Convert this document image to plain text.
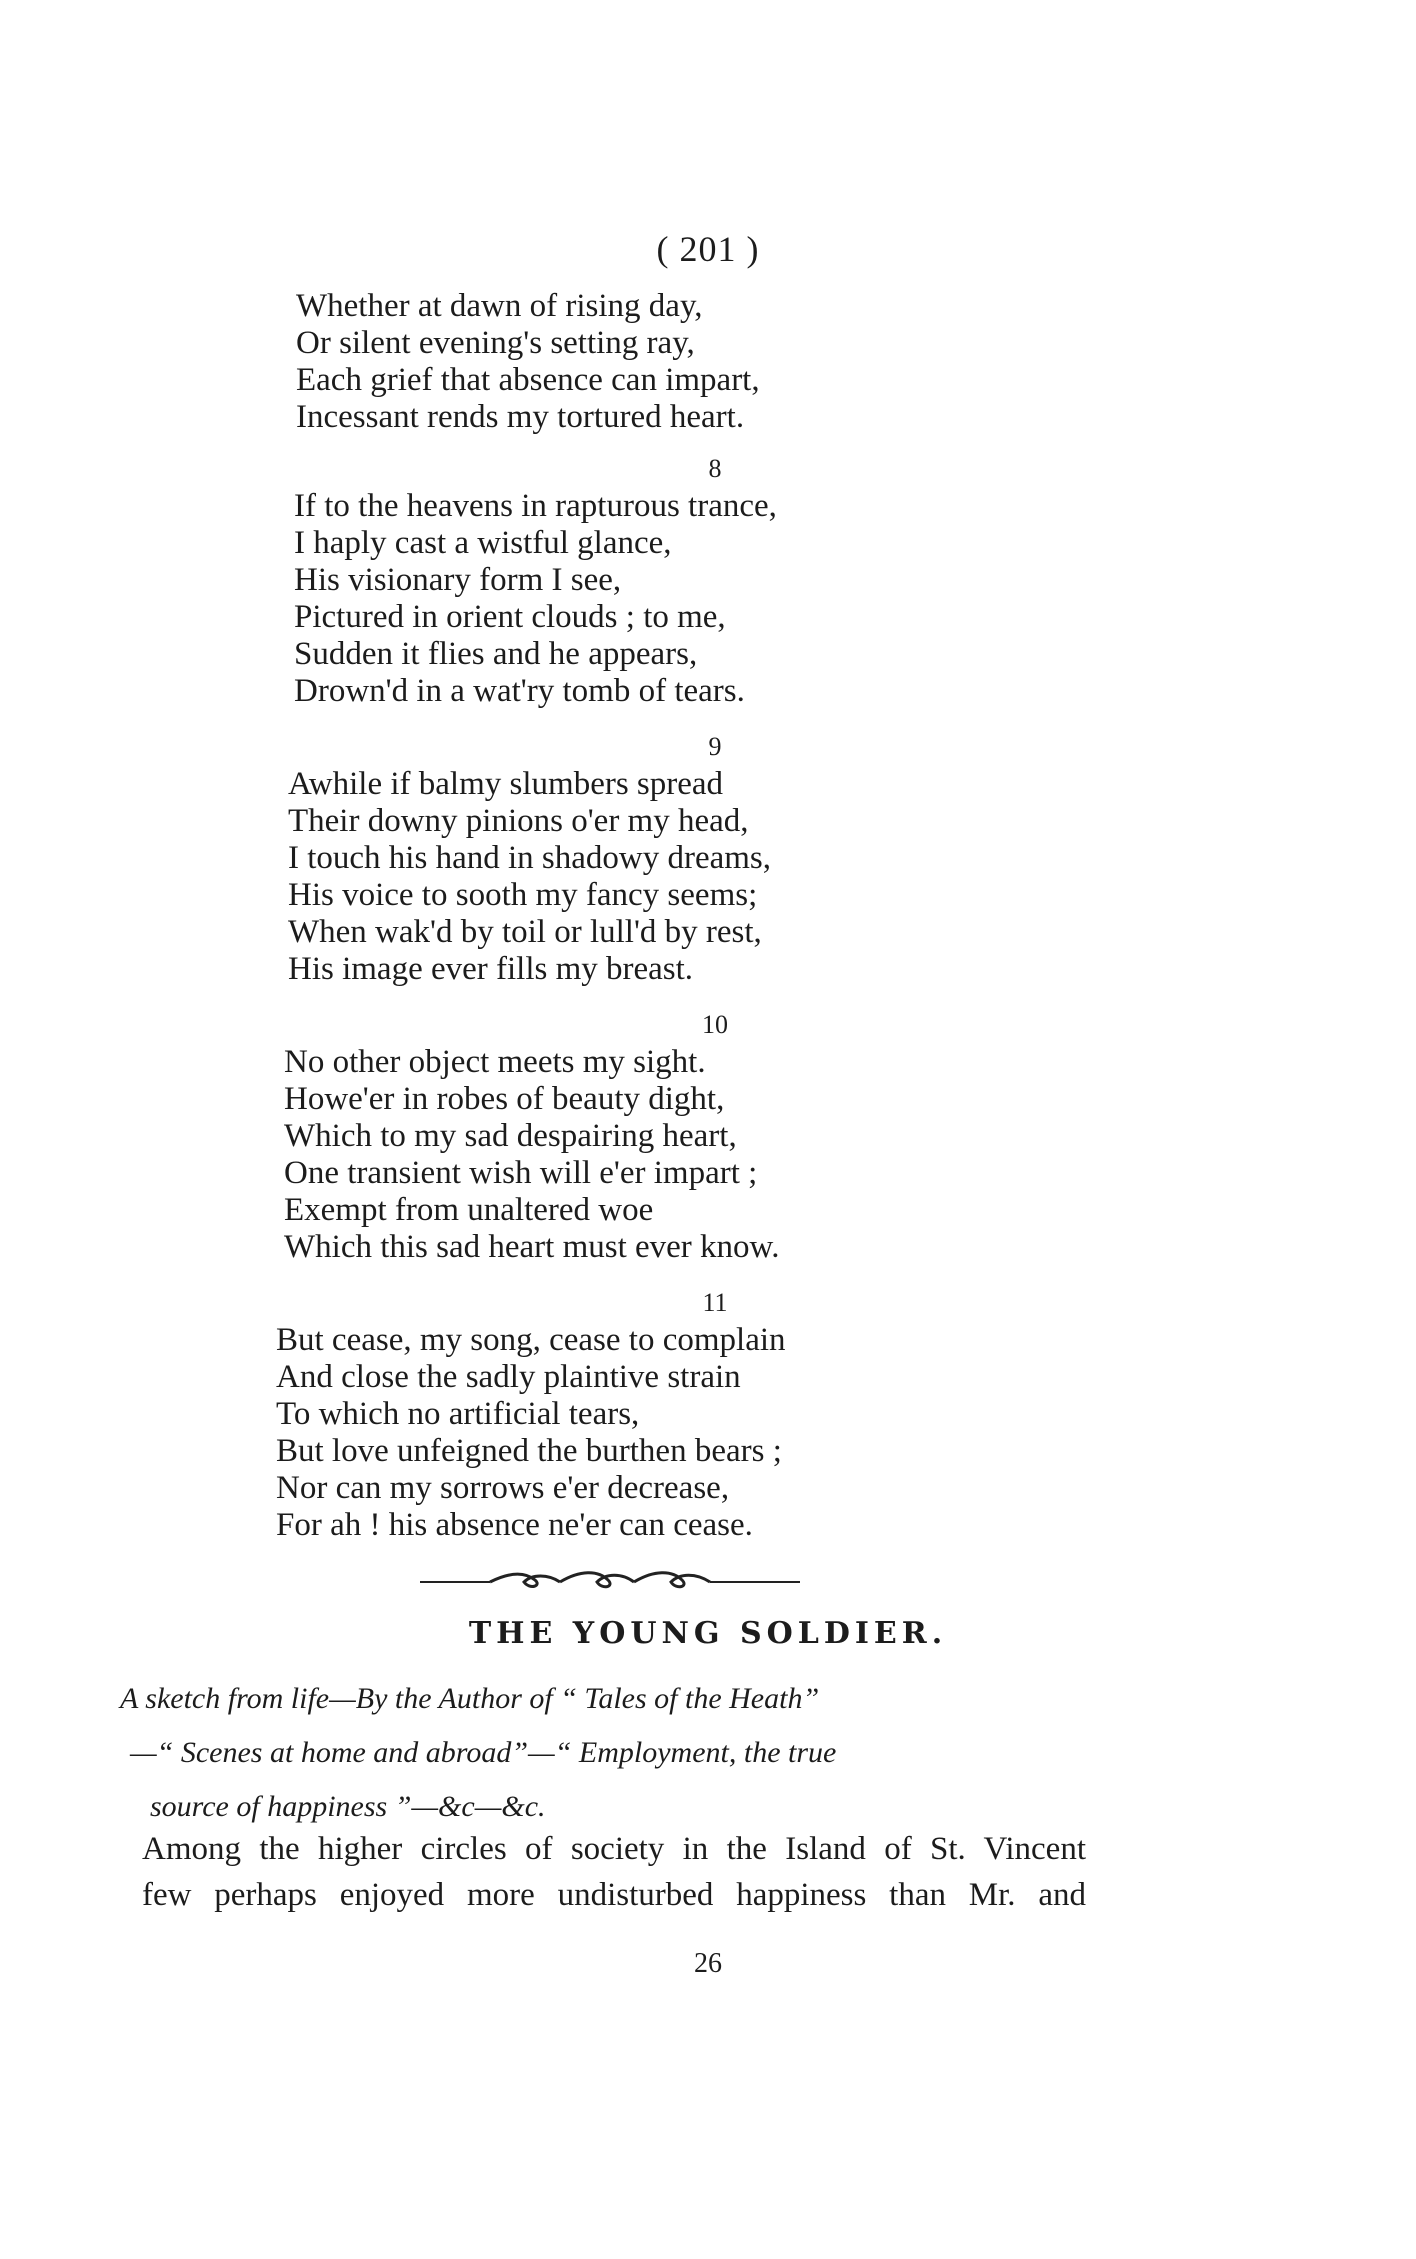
( 201 )
Whether at dawn of rising day,
Or silent evening's setting ray,
Each grief that absence can impart,
Incessant rends my tortured heart.
8
If to the heavens in rapturous trance,
I haply cast a wistful glance,
His visionary form I see,
Pictured in orient clouds ; to me,
Sudden it flies and he appears,
Drown'd in a wat'ry tomb of tears.
9
Awhile if balmy slumbers spread
Their downy pinions o'er my head,
I touch his hand in shadowy dreams,
His voice to sooth my fancy seems;
When wak'd by toil or lull'd by rest,
His image ever fills my breast.
10
No other object meets my sight.
Howe'er in robes of beauty dight,
Which to my sad despairing heart,
One transient wish will e'er impart ;
Exempt from unaltered woe
Which this sad heart must ever know.
11
But cease, my song, cease to complain
And close the sadly plaintive strain
To which no artificial tears,
But love unfeigned the burthen bears ;
Nor can my sorrows e'er decrease,
For ah ! his absence ne'er can cease.
THE YOUNG SOLDIER.
A sketch from life—By the Author of “ Tales of the Heath”
—“ Scenes at home and abroad”—“ Employment, the true
source of happiness ”—&c—&c.
Among the higher circles of society in the Island of St. Vincent
few perhaps enjoyed more undisturbed happiness than Mr. and
26
